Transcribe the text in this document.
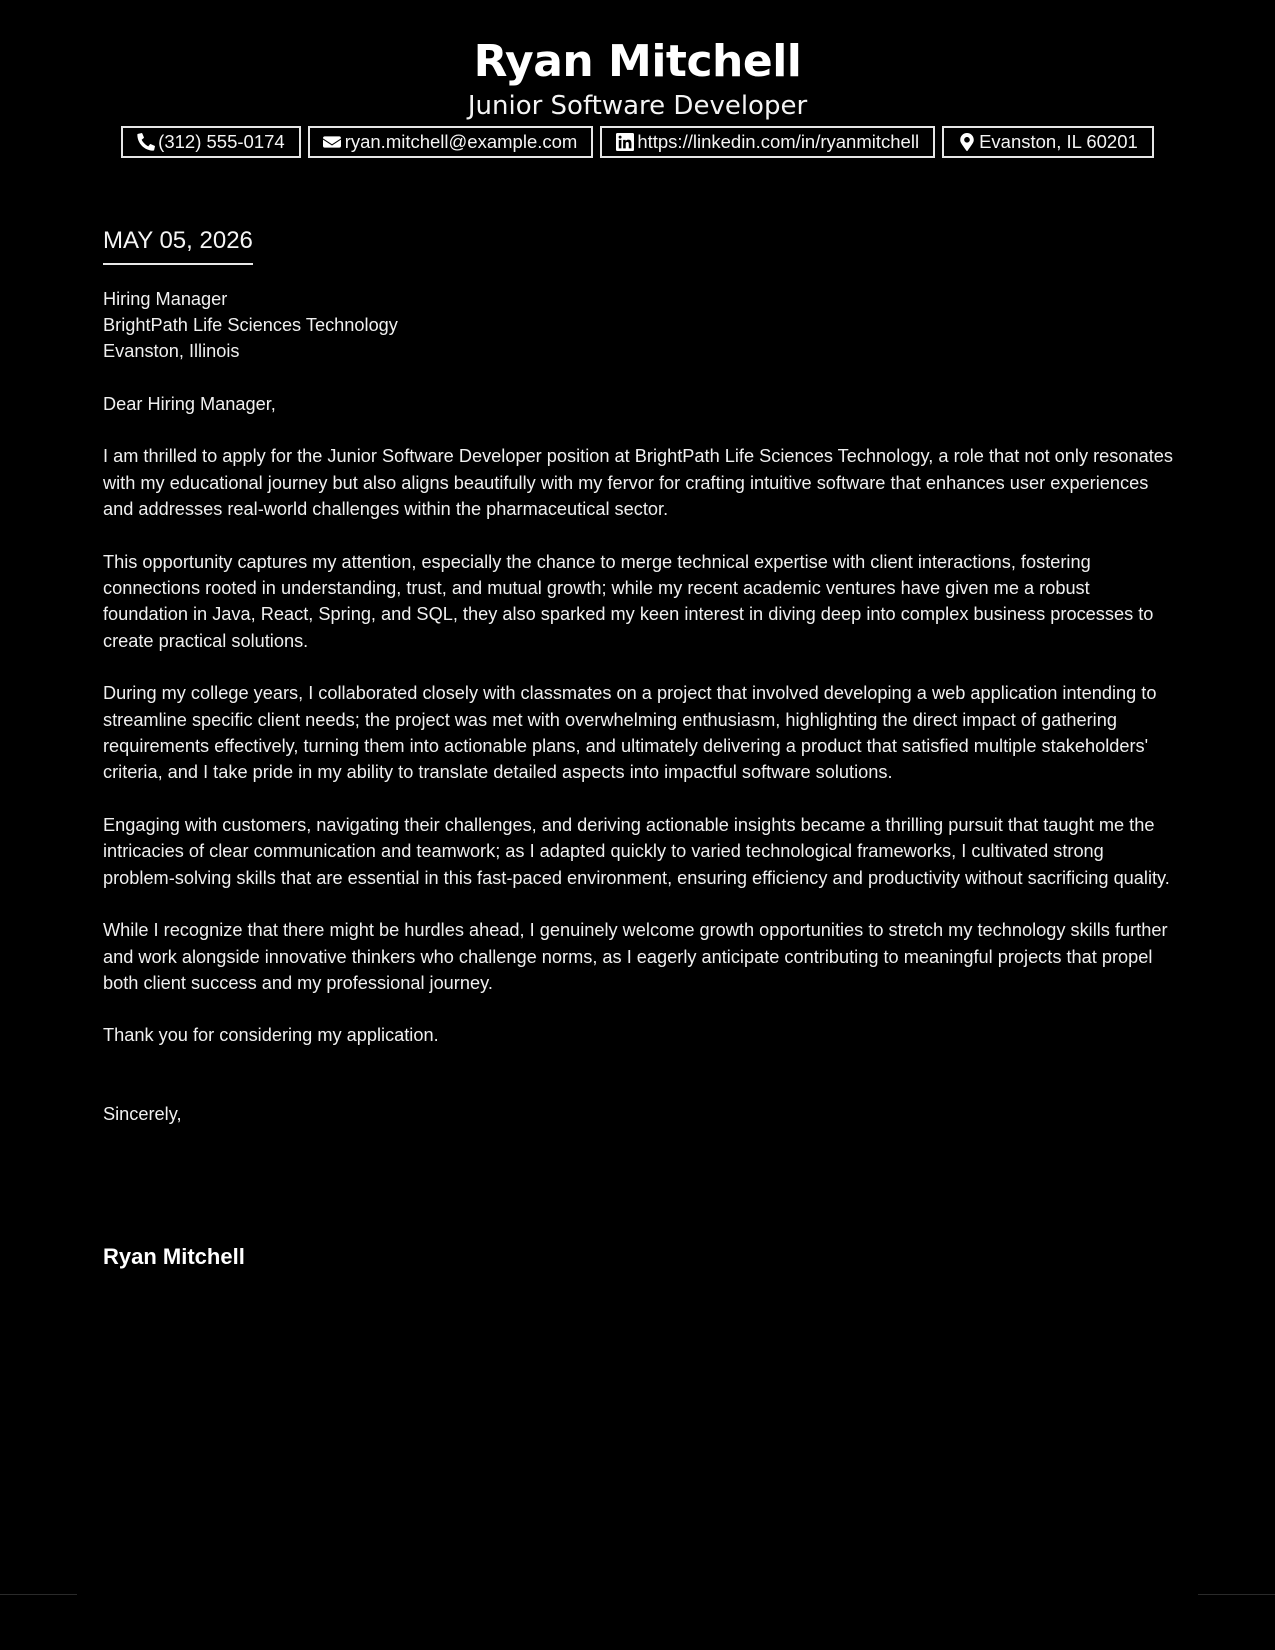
Ryan Mitchell
Junior Software Developer
(312) 555-0174	ryan.mitchell@example.com	https://linkedin.com/in/ryanmitchell	Evanston, IL 60201
MAY 05, 2026
Hiring Manager
BrightPath Life Sciences Technology
Evanston, Illinois
Dear Hiring Manager,

I am thrilled to apply for the Junior Software Developer position at BrightPath Life Sciences Technology, a role that not only resonates with my educational journey but also aligns beautifully with my fervor for crafting intuitive software that enhances user experiences and addresses real-world challenges within the pharmaceutical sector.

This opportunity captures my attention, especially the chance to merge technical expertise with client interactions, fostering connections rooted in understanding, trust, and mutual growth; while my recent academic ventures have given me a robust foundation in Java, React, Spring, and SQL, they also sparked my keen interest in diving deep into complex business processes to create practical solutions.

During my college years, I collaborated closely with classmates on a project that involved developing a web application intending to streamline specific client needs; the project was met with overwhelming enthusiasm, highlighting the direct impact of gathering requirements effectively, turning them into actionable plans, and ultimately delivering a product that satisfied multiple stakeholders' criteria, and I take pride in my ability to translate detailed aspects into impactful software solutions.

Engaging with customers, navigating their challenges, and deriving actionable insights became a thrilling pursuit that taught me the intricacies of clear communication and teamwork; as I adapted quickly to varied technological frameworks, I cultivated strong problem-solving skills that are essential in this fast-paced environment, ensuring efficiency and productivity without sacrificing quality.

While I recognize that there might be hurdles ahead, I genuinely welcome growth opportunities to stretch my technology skills further and work alongside innovative thinkers who challenge norms, as I eagerly anticipate contributing to meaningful projects that propel both client success and my professional journey.

Thank you for considering my application.
Sincerely,
Ryan Mitchell
